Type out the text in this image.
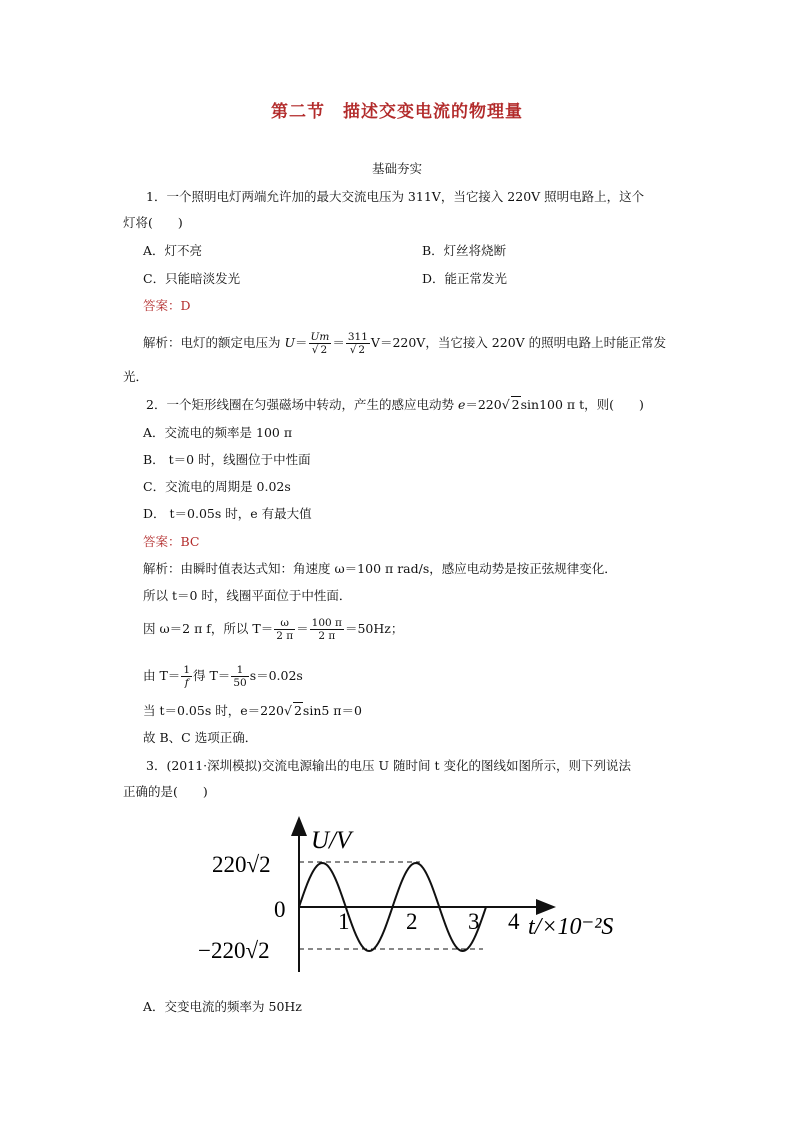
第二节　描述交变电流的物理量
基础夯实
1．一个照明电灯两端允许加的最大交流电压为 311V，当它接入 220V 照明电路上，这个
灯将(　　)
A．灯不亮	B．灯丝将烧断
C．只能暗淡发光	D．能正常发光
答案：D
解析：电灯的额定电压为 $U= \frac{Um}{√ 2} = \frac{311}{√ 2} V=220V$，当它接入 220V 的照明电路上时能正常发
光．
2．一个矩形线圈在匀强磁场中转动，产生的感应电动势 e＝220√ 2sin100 π t，则(　　)
A．交流电的频率是 100 π
B． t＝0 时，线圈位于中性面
C．交流电的周期是 0.02s
D． t＝0.05s 时，e 有最大值
答案：BC
解析：由瞬时值表达式知：角速度 ω＝100 π rad/s，感应电动势是按正弦规律变化．
所以 t＝0 时，线圈平面位于中性面．
因 ω＝2 π f，所以 $T= \frac{\omega}{2 \pi} = \frac{100 \pi}{2 \pi} =50Hz$；
由 $T= \frac{1}{f}$ 得 $T= \frac{1}{50} s=0.02s$
当 t＝0.05s 时，e＝220√ 2sin5 π＝0
故 B、C 选项正确．
3．(2011·深圳模拟)交流电源输出的电压 U 随时间 t 变化的图线如图所示，则下列说法
正确的是(　　)
U/V
220√2
0
−220√2
1 2 3 4 t/×10⁻²S
A．交变电流的频率为 50Hz
